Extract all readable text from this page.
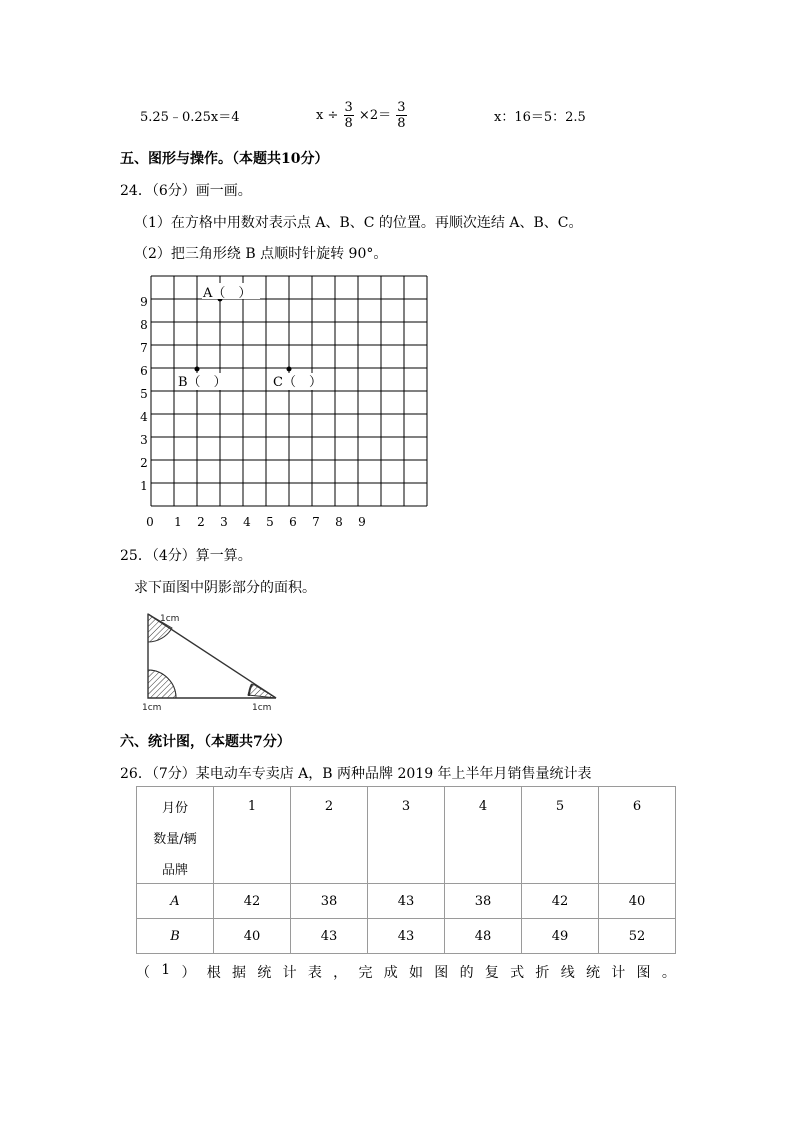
5.25﹣0.25x＝4	$x \div \frac{3}{8} \times 2= \frac{3}{8}$	x：16＝5：2.5
五、图形与操作。（本题共10分）
24．（6分）画一画。
（1）在方格中用数对表示点 A、B、C 的位置。再顺次连结 A、B、C。
（2）把三角形绕 B 点顺时针旋转 90°。
9
8
7
6
5
4
3
2
1
0 1 2 3 4 5 6 7 8 9
A（　）
B（　）	C（　）
25．（4分）算一算。
求下面图中阴影部分的面积。
1cm
1cm	1cm
六、统计图，（本题共7分）
26．（7分）某电动车专卖店 A，B 两种品牌 2019 年上半年月销售量统计表
月份
数量/辆
品牌	1	2	3	4	5	6

A	42	38	43	38	42	40
B	40	43	43	48	49	52
（ 1 ） 根 据 统 计 表 ， 完 成 如 图 的 复 式 折 线 统 计 图 。
